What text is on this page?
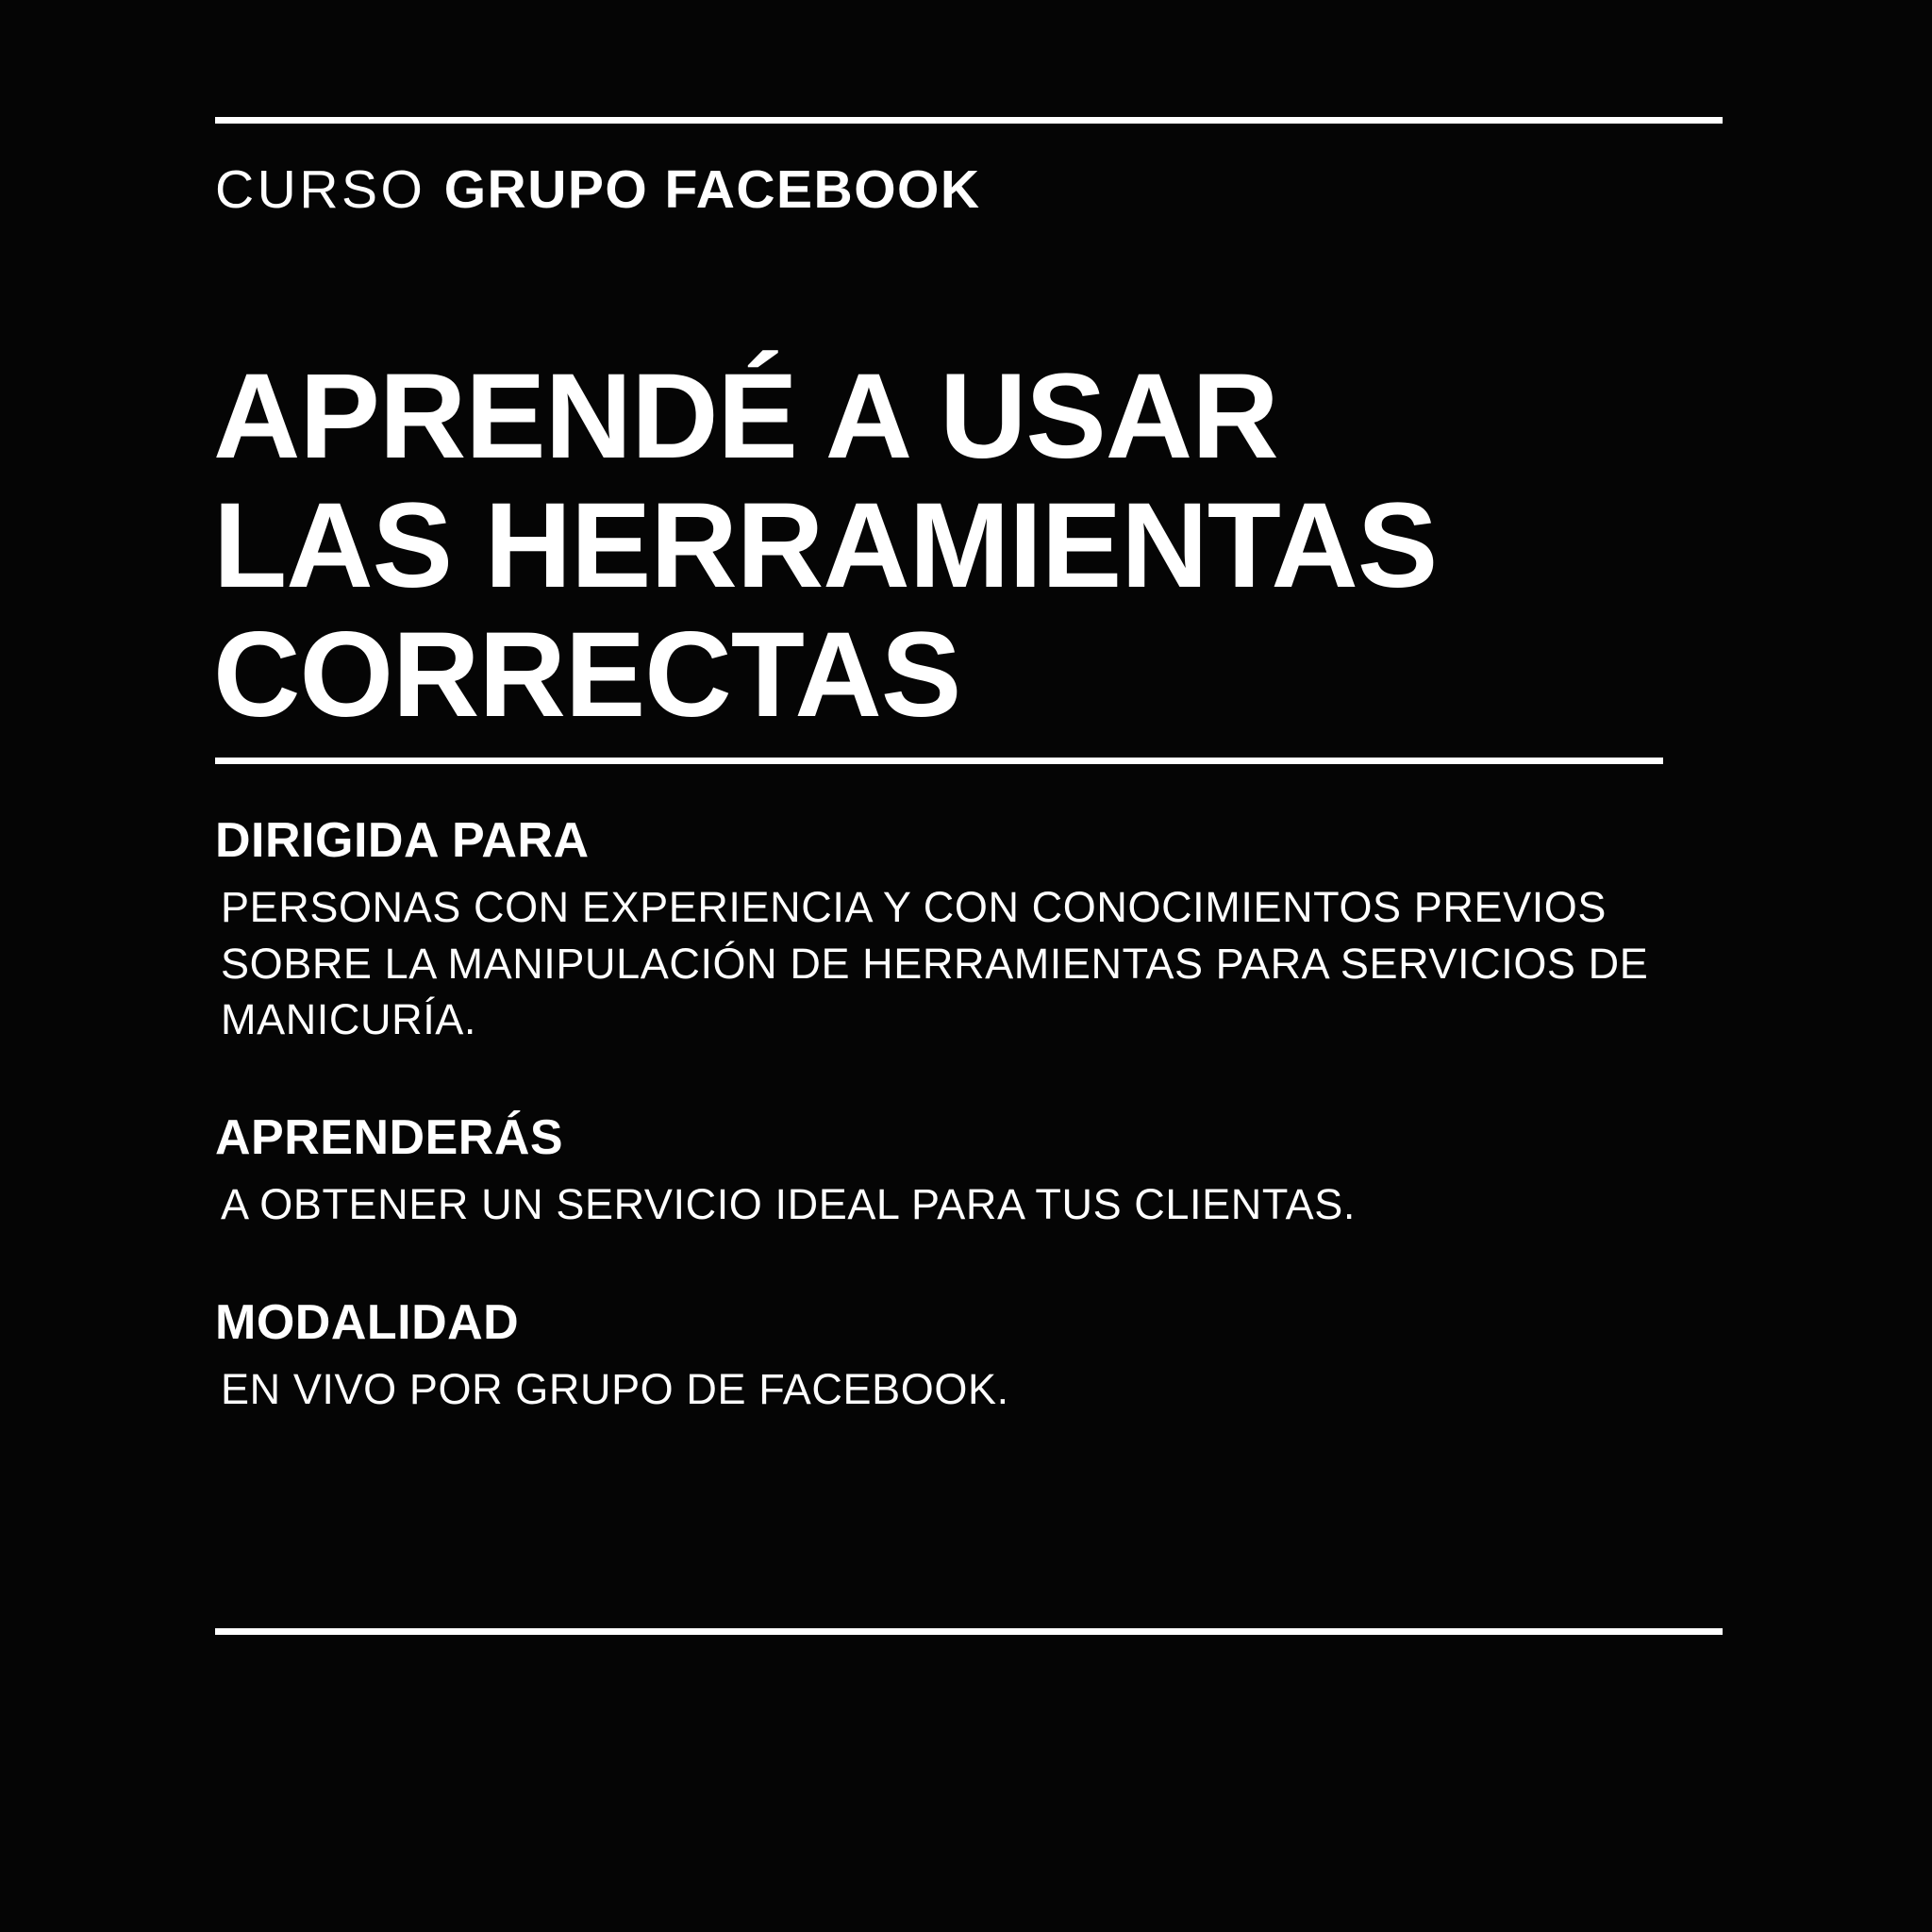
CURSO GRUPO FACEBOOK
APRENDÉ A USAR
LAS HERRAMIENTAS
CORRECTAS
DIRIGIDA PARA

PERSONAS CON EXPERIENCIA Y CON CONOCIMIENTOS PREVIOS SOBRE LA MANIPULACIÓN DE HERRAMIENTAS PARA SERVICIOS DE MANICURÍA.

APRENDERÁS

A OBTENER UN SERVICIO IDEAL PARA TUS CLIENTAS.

MODALIDAD

EN VIVO POR GRUPO DE FACEBOOK.
